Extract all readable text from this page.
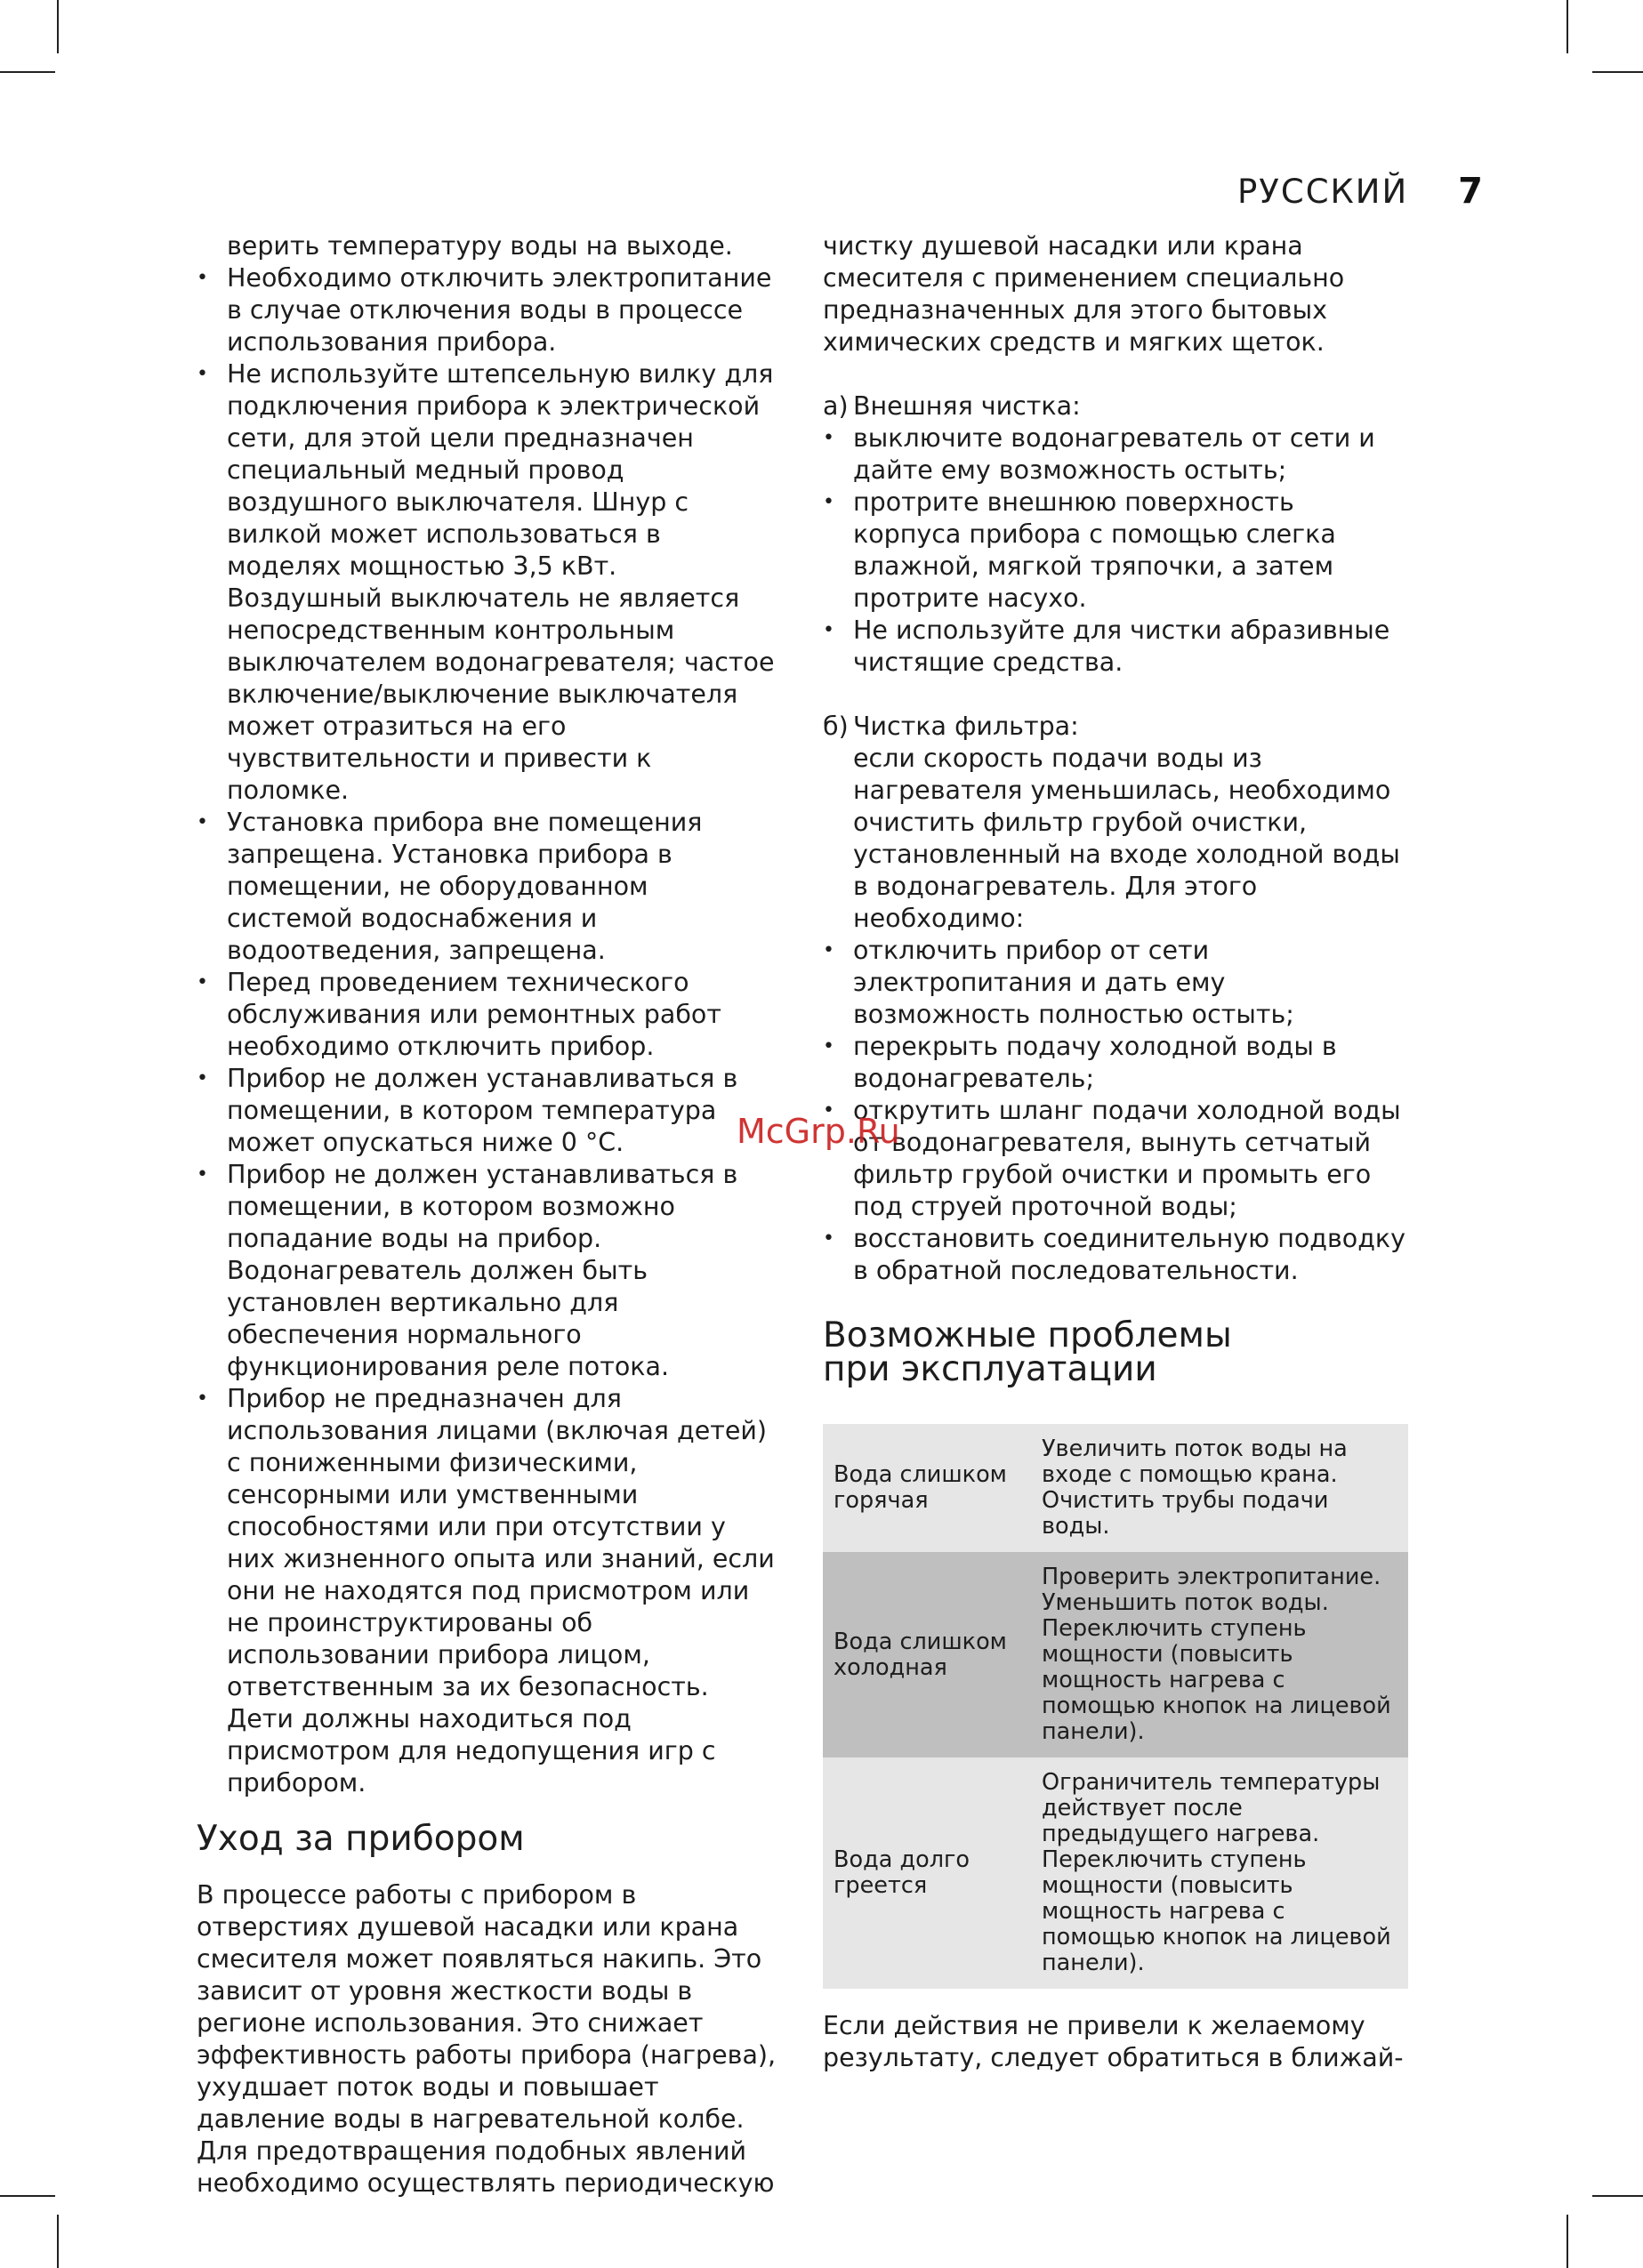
РУССКИЙ 7

верить температуру воды на выходе.

• Необходимо отключить электропитание в случае отключения воды в процессе использования прибора.
• Не используйте штепсельную вилку для подключения прибора к электрической сети, для этой цели предназначен специальный медный провод воздушного выключателя. Шнур с вилкой может использоваться в моделях мощностью 3,5 кВт. Воздушный выключатель не является непосредственным контрольным выключателем водонагревателя; частое включение/выключение выключателя может отразиться на его чувствительности и привести к поломке.
• Установка прибора вне помещения запрещена. Установка прибора в помещении, не оборудованном системой водоснабжения и водоотведения, запрещена.
• Перед проведением технического обслуживания или ремонтных работ необходимо отключить прибор.
• Прибор не должен устанавливаться в помещении, в котором температура может опускаться ниже 0 °C.
• Прибор не должен устанавливаться в помещении, в котором возможно попадание воды на прибор. Водонагреватель должен быть установлен вертикально для обеспечения нормального функционирования реле потока.
• Прибор не предназначен для использования лицами (включая детей) с пониженными физическими, сенсорными или умственными способностями или при отсутствии у них жизненного опыта или знаний, если они не находятся под присмотром или не проинструктированы об использовании прибора лицом, ответственным за их безопасность. Дети должны находиться под присмотром для недопущения игр с прибором.
Уход за прибором

В процессе работы с прибором в отверстиях душевой насадки или крана смесителя может появляться накипь. Это зависит от уровня жесткости воды в регионе использования. Это снижает эффективность работы прибора (нагрева), ухудшает поток воды и повышает давление воды в нагревательной колбе.

Для предотвращения подобных явлений необходимо осуществлять периодическую

чистку душевой насадки или крана смесителя с применением специально предназначенных для этого бытовых химических средств и мягких щеток.

а) Внешняя чистка:
• выключите водонагреватель от сети и дайте ему возможность остыть;
• протрите внешнюю поверхность корпуса прибора с помощью слегка влажной, мягкой тряпочки, а затем протрите насухо.
• Не используйте для чистки абразивные чистящие средства.
б) Чистка фильтра:

если скорость подачи воды из нагревателя уменьшилась, необходимо очистить фильтр грубой очистки, установленный на входе холодной воды в водонагреватель. Для этого необходимо:

• отключить прибор от сети электропитания и дать ему возможность полностью остыть;
• перекрыть подачу холодной воды в водонагреватель;
• открутить шланг подачи холодной воды от водонагревателя, вынуть сетчатый фильтр грубой очистки и промыть его под струей проточной воды;
• восстановить соединительную подводку в обратной последовательности.
Возможные проблемы при эксплуатации
Вода слишком горячая	Увеличить поток воды на входе с помощью крана. Очистить трубы подачи воды.
Вода слишком холодная	Проверить электропитание. Уменьшить поток воды. Переключить ступень мощности (повысить мощность нагрева с помощью кнопок на лицевой панели).
Вода долго греется	Ограничитель температуры действует после предыдущего нагрева. Переключить ступень мощности (повысить мощность нагрева с помощью кнопок на лицевой панели).

Если действия не привели к желаемому результату, следует обратиться в ближай-

McGrp.Ru
